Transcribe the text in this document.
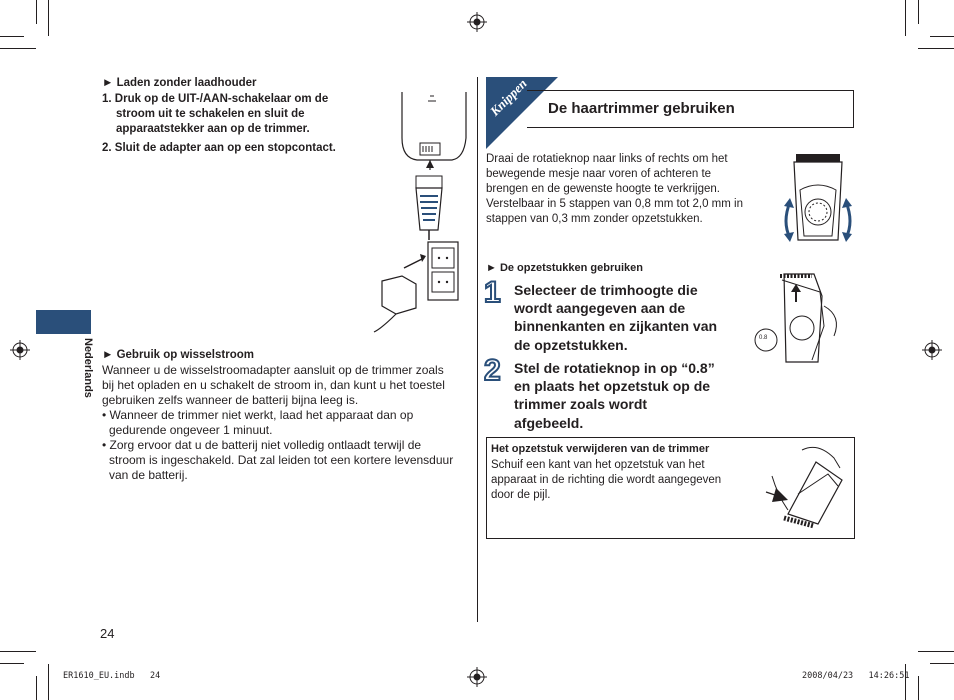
Nederlands
► Laden zonder laadhouder
1. Druk op de UIT-/AAN-schakelaar om de
stroom uit te schakelen en sluit de
apparaatstekker aan op de trimmer.
2. Sluit de adapter aan op een stopcontact.
► Gebruik op wisselstroom
Wanneer u de wisselstroomadapter aansluit op de trimmer zoals
bij het opladen en u schakelt de stroom in, dan kunt u het toestel
gebruiken zelfs wanneer de batterij bijna leeg is.
• Wanneer de trimmer niet werkt, laad het apparaat dan op
gedurende ongeveer 1 minuut.
• Zorg ervoor dat u de batterij niet volledig ontlaadt terwijl de
stroom is ingeschakeld. Dat zal leiden tot een kortere levensduur
van de batterij.
24
Knippen De haartrimmer gebruiken
Draai de rotatieknop naar links of rechts om het
bewegende mesje naar voren of achteren te
brengen en de gewenste hoogte te verkrijgen.
Verstelbaar in 5 stappen van 0,8 mm tot 2,0 mm in
stappen van 0,3 mm zonder opzetstukken.
► De opzetstukken gebruiken
1 Selecteer de trimhoogte die
wordt aangegeven aan de
binnenkanten en zijkanten van
de opzetstukken.
2 Stel de rotatieknop in op “0.8”
en plaats het opzetstuk op de
trimmer zoals wordt
afgebeeld.
0.8
Het opzetstuk verwijderen van de trimmer
Schuif een kant van het opzetstuk van het
apparaat in de richting die wordt aangegeven
door de pijl.
ER1610_EU.indb   24	2008/04/23   14:26:51
